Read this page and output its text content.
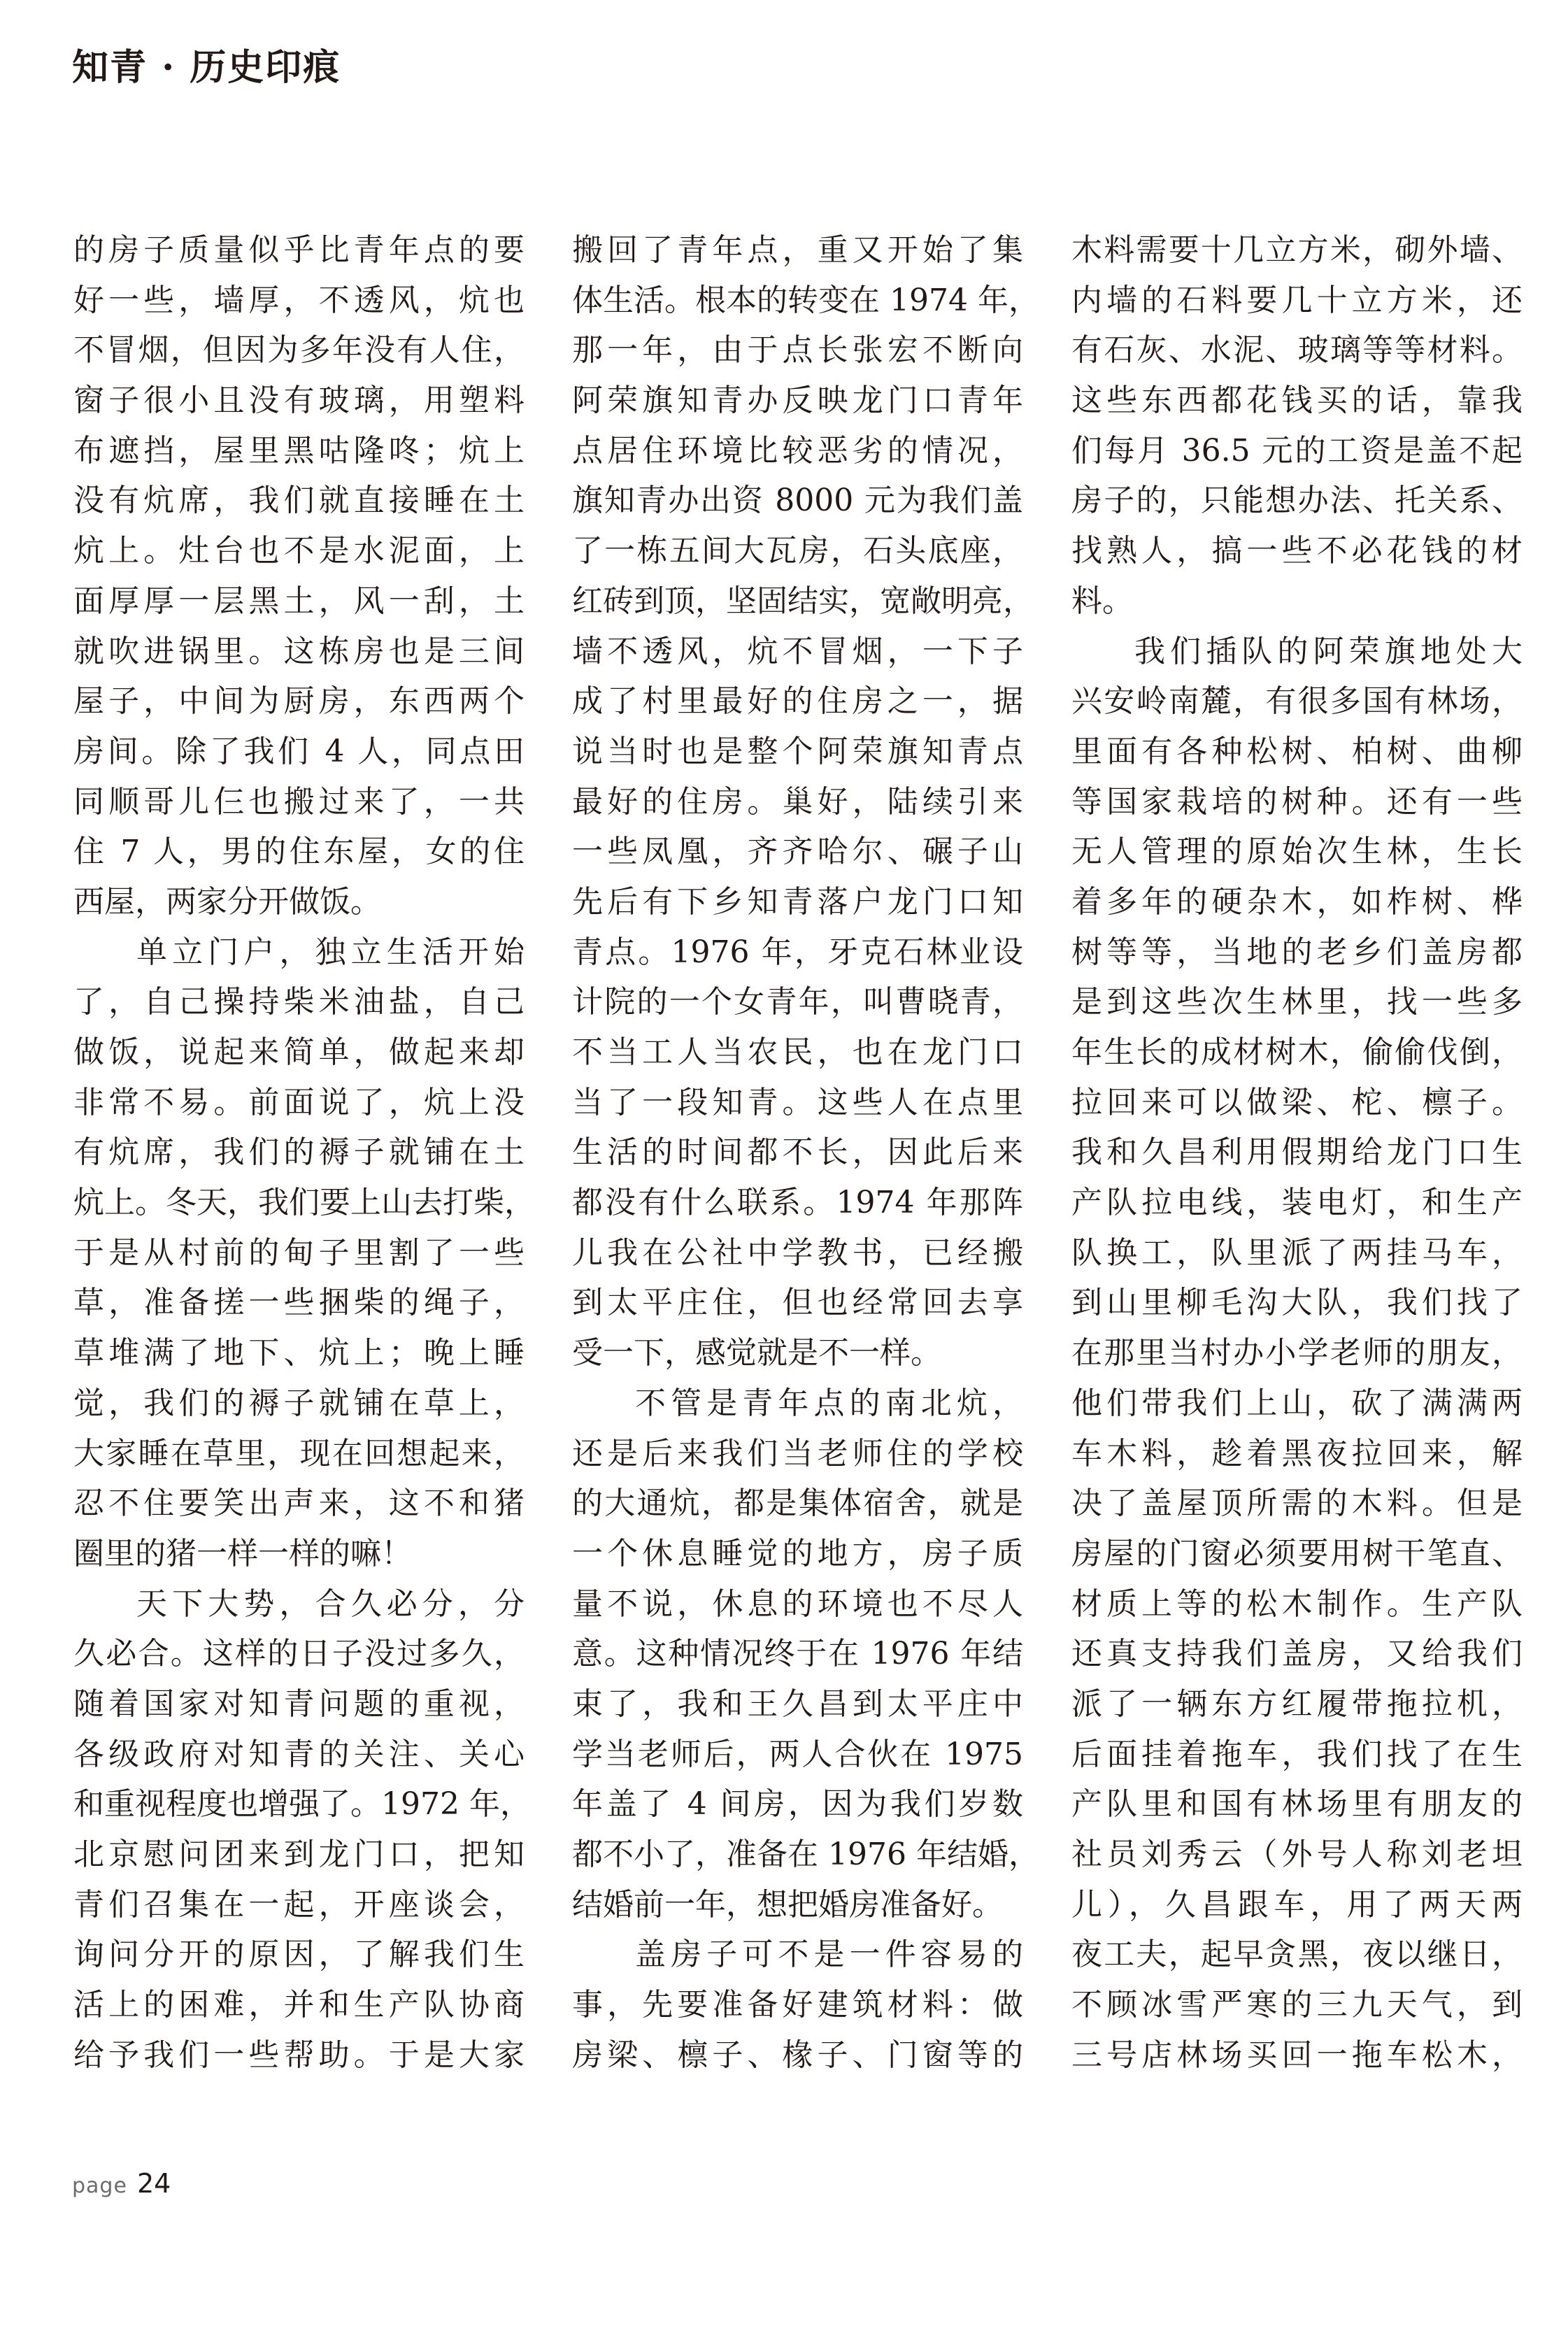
知青 · 历史印痕
的房子质量似乎比青年点的要
好一些，墙厚，不透风，炕也
不冒烟，但因为多年没有人住，
窗子很小且没有玻璃，用塑料
布遮挡，屋里黑咕隆咚；炕上
没有炕席，我们就直接睡在土
炕上。灶台也不是水泥面，上
面厚厚一层黑土，风一刮，土
就吹进锅里。这栋房也是三间
屋子，中间为厨房，东西两个
房间。除了我们 4 人，同点田
同顺哥儿仨也搬过来了，一共
住 7 人，男的住东屋，女的住
西屋，两家分开做饭。
单立门户，独立生活开始
了，自己操持柴米油盐，自己
做饭，说起来简单，做起来却
非常不易。前面说了，炕上没
有炕席，我们的褥子就铺在土
炕上。冬天，我们要上山去打柴，
于是从村前的甸子里割了一些
草，准备搓一些捆柴的绳子，
草堆满了地下、炕上；晚上睡
觉，我们的褥子就铺在草上，
大家睡在草里，现在回想起来，
忍不住要笑出声来，这不和猪
圈里的猪一样一样的嘛！
天下大势，合久必分，分
久必合。这样的日子没过多久，
随着国家对知青问题的重视，
各级政府对知青的关注、关心
和重视程度也增强了。1972 年，
北京慰问团来到龙门口，把知
青们召集在一起，开座谈会，
询问分开的原因，了解我们生
活上的困难，并和生产队协商
给予我们一些帮助。于是大家
搬回了青年点，重又开始了集
体生活。根本的转变在 1974 年，
那一年，由于点长张宏不断向
阿荣旗知青办反映龙门口青年
点居住环境比较恶劣的情况，
旗知青办出资 8000 元为我们盖
了一栋五间大瓦房，石头底座，
红砖到顶，坚固结实，宽敞明亮，
墙不透风，炕不冒烟，一下子
成了村里最好的住房之一，据
说当时也是整个阿荣旗知青点
最好的住房。巢好，陆续引来
一些凤凰，齐齐哈尔、碾子山
先后有下乡知青落户龙门口知
青点。1976 年，牙克石林业设
计院的一个女青年，叫曹晓青，
不当工人当农民，也在龙门口
当了一段知青。这些人在点里
生活的时间都不长，因此后来
都没有什么联系。1974 年那阵
儿我在公社中学教书，已经搬
到太平庄住，但也经常回去享
受一下，感觉就是不一样。
不管是青年点的南北炕，
还是后来我们当老师住的学校
的大通炕，都是集体宿舍，就是
一个休息睡觉的地方，房子质
量不说，休息的环境也不尽人
意。这种情况终于在 1976 年结
束了，我和王久昌到太平庄中
学当老师后，两人合伙在 1975
年盖了 4 间房，因为我们岁数
都不小了，准备在 1976 年结婚，
结婚前一年，想把婚房准备好。
盖房子可不是一件容易的
事，先要准备好建筑材料：做
房梁、檩子、椽子、门窗等的
木料需要十几立方米，砌外墙、
内墙的石料要几十立方米，还
有石灰、水泥、玻璃等等材料。
这些东西都花钱买的话，靠我
们每月 36.5 元的工资是盖不起
房子的，只能想办法、托关系、
找熟人，搞一些不必花钱的材
料。
我们插队的阿荣旗地处大
兴安岭南麓，有很多国有林场，
里面有各种松树、柏树、曲柳
等国家栽培的树种。还有一些
无人管理的原始次生林，生长
着多年的硬杂木，如柞树、桦
树等等，当地的老乡们盖房都
是到这些次生林里，找一些多
年生长的成材树木，偷偷伐倒，
拉回来可以做梁、柁、檩子。
我和久昌利用假期给龙门口生
产队拉电线，装电灯，和生产
队换工，队里派了两挂马车，
到山里柳毛沟大队，我们找了
在那里当村办小学老师的朋友，
他们带我们上山，砍了满满两
车木料，趁着黑夜拉回来，解
决了盖屋顶所需的木料。但是
房屋的门窗必须要用树干笔直、
材质上等的松木制作。生产队
还真支持我们盖房，又给我们
派了一辆东方红履带拖拉机，
后面挂着拖车，我们找了在生
产队里和国有林场里有朋友的
社员刘秀云（外号人称刘老坦
儿），久昌跟车，用了两天两
夜工夫，起早贪黑，夜以继日，
不顾冰雪严寒的三九天气，到
三号店林场买回一拖车松木，
page 24
